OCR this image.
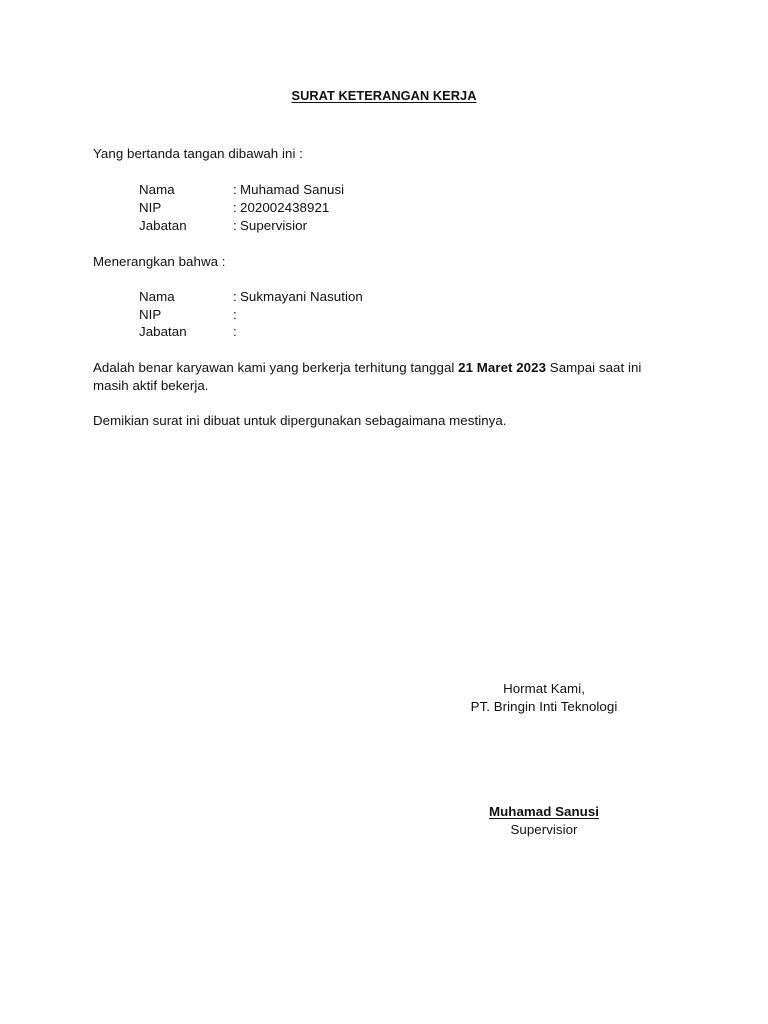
SURAT KETERANGAN KERJA
Yang bertanda tangan dibawah ini :
Nama	: Muhamad Sanusi
NIP	: 202002438921
Jabatan	: Supervisior
Menerangkan bahwa :
Nama	: Sukmayani Nasution
NIP	:
Jabatan	:
Adalah benar karyawan kami yang berkerja terhitung tanggal 21 Maret 2023 Sampai saat ini
masih aktif bekerja.
Demikian surat ini dibuat untuk dipergunakan sebagaimana mestinya.
Hormat Kami,
PT. Bringin Inti Teknologi
Muhamad Sanusi
Supervisior
